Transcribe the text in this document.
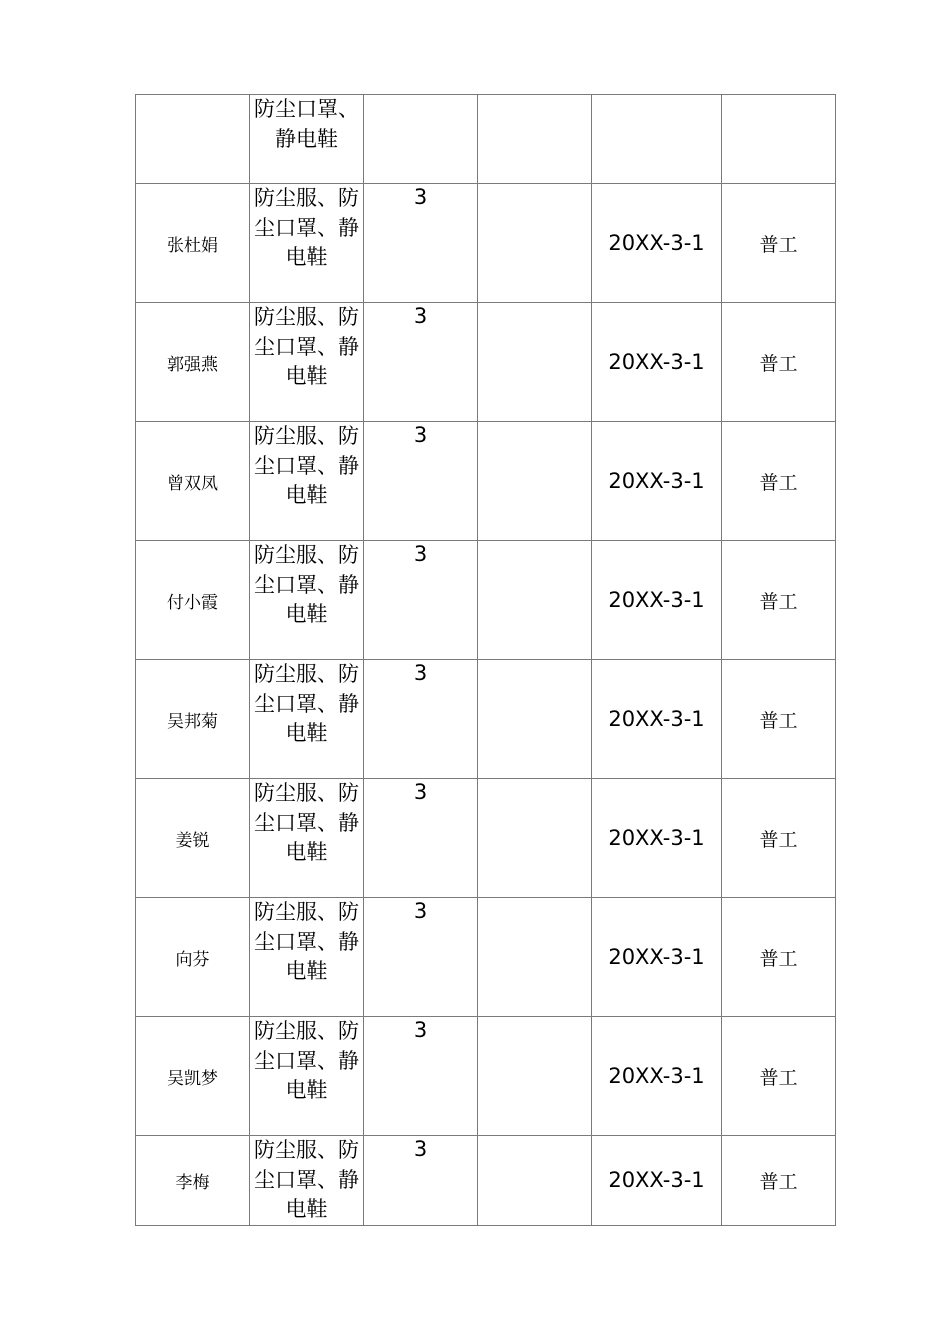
	防尘口罩、静电鞋				

张杜娟	防尘服、防尘口罩、静电鞋	3		20XX-3-1	普工
郭强燕	防尘服、防尘口罩、静电鞋	3		20XX-3-1	普工
曾双凤	防尘服、防尘口罩、静电鞋	3		20XX-3-1	普工
付小霞	防尘服、防尘口罩、静电鞋	3		20XX-3-1	普工
吴邦菊	防尘服、防尘口罩、静电鞋	3		20XX-3-1	普工
姜锐	防尘服、防尘口罩、静电鞋	3		20XX-3-1	普工
向芬	防尘服、防尘口罩、静电鞋	3		20XX-3-1	普工
吴凯梦	防尘服、防尘口罩、静电鞋	3		20XX-3-1	普工
李梅	防尘服、防尘口罩、静电鞋	3		20XX-3-1	普工
